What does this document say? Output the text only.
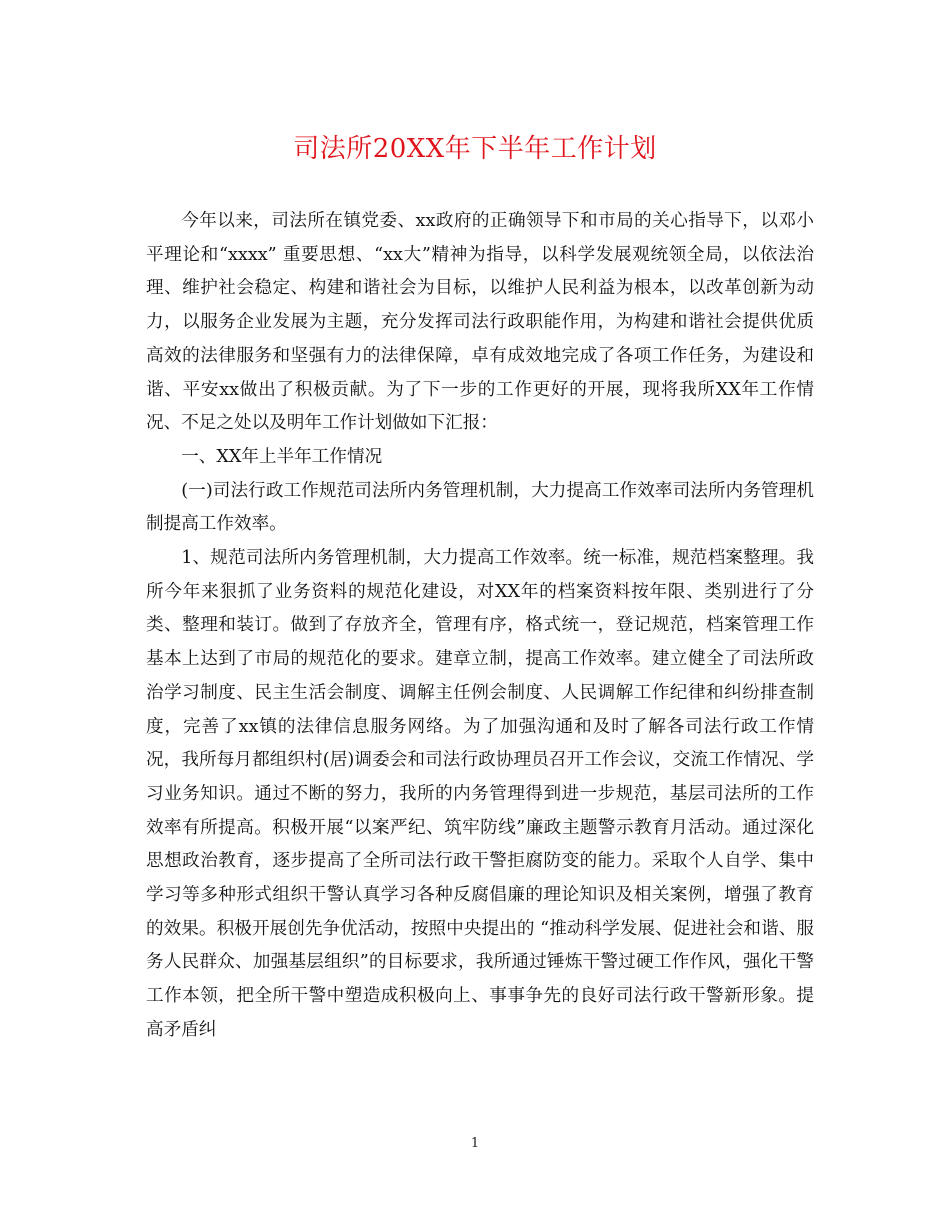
司法所20XX年下半年工作计划

今年以来，司法所在镇党委、xx政府的正确领导下和市局的关心指导下，以邓小平理论和“xxxx” 重要思想、“xx大”精神为指导，以科学发展观统领全局，以依法治理、维护社会稳定、构建和谐社会为目标，以维护人民利益为根本，以改革创新为动力，以服务企业发展为主题，充分发挥司法行政职能作用，为构建和谐社会提供优质高效的法律服务和坚强有力的法律保障，卓有成效地完成了各项工作任务，为建设和谐、平安xx做出了积极贡献。为了下一步的工作更好的开展，现将我所XX年工作情况、不足之处以及明年工作计划做如下汇报：

一、XX年上半年工作情况

(一)司法行政工作规范司法所内务管理机制，大力提高工作效率司法所内务管理机制提高工作效率。

1、规范司法所内务管理机制，大力提高工作效率。统一标准，规范档案整理。我所今年来狠抓了业务资料的规范化建设，对XX年的档案资料按年限、类别进行了分类、整理和装订。做到了存放齐全，管理有序，格式统一，登记规范，档案管理工作基本上达到了市局的规范化的要求。建章立制，提高工作效率。建立健全了司法所政治学习制度、民主生活会制度、调解主任例会制度、人民调解工作纪律和纠纷排查制度，完善了xx镇的法律信息服务网络。为了加强沟通和及时了解各司法行政工作情况，我所每月都组织村(居)调委会和司法行政协理员召开工作会议，交流工作情况、学习业务知识。通过不断的努力，我所的内务管理得到进一步规范，基层司法所的工作效率有所提高。积极开展“以案严纪、筑牢防线”廉政主题警示教育月活动。通过深化思想政治教育，逐步提高了全所司法行政干警拒腐防变的能力。采取个人自学、集中学习等多种形式组织干警认真学习各种反腐倡廉的理论知识及相关案例，增强了教育的效果。积极开展创先争优活动，按照中央提出的 “推动科学发展、促进社会和谐、服务人民群众、加强基层组织”的目标要求，我所通过锤炼干警过硬工作作风，强化干警工作本领，把全所干警中塑造成积极向上、事事争先的良好司法行政干警新形象。提高矛盾纠

1
